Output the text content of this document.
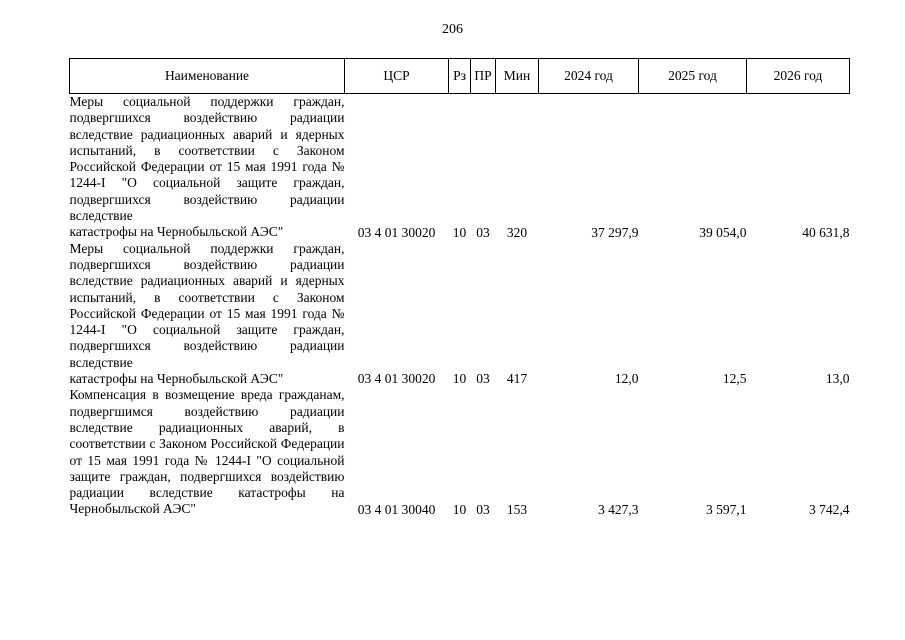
206
Наименование	ЦСР	Рз	ПР	Мин	2024 год	2025 год	2026 год

Меры социальной поддержки граждан, подвергшихся воздействию радиации вследствие радиационных аварий и ядерных испытаний, в соответствии с Законом Российской Федерации от 15 мая 1991 года № 1244-I "О социальной защите граждан, подвергшихся воздействию радиации вследствие
катастрофы на Чернобыльской АЭС"	03 4 01 30020	10	03	320	37 297,9	39 054,0	40 631,8

Меры социальной поддержки граждан, подвергшихся воздействию радиации вследствие радиационных аварий и ядерных испытаний, в соответствии с Законом Российской Федерации от 15 мая 1991 года № 1244-I "О социальной защите граждан, подвергшихся воздействию радиации вследствие
катастрофы на Чернобыльской АЭС"	03 4 01 30020	10	03	417	12,0	12,5	13,0

Компенсация в возмещение вреда гражданам, подвергшимся воздействию радиации вследствие радиационных аварий, в соответствии с Законом Российской Федерации от 15 мая 1991 года № 1244-I "О социальной защите граждан, подвергшихся воздействию радиации вследствие катастрофы на
Чернобыльской АЭС"	03 4 01 30040	10	03	153	3 427,3	3 597,1	3 742,4
